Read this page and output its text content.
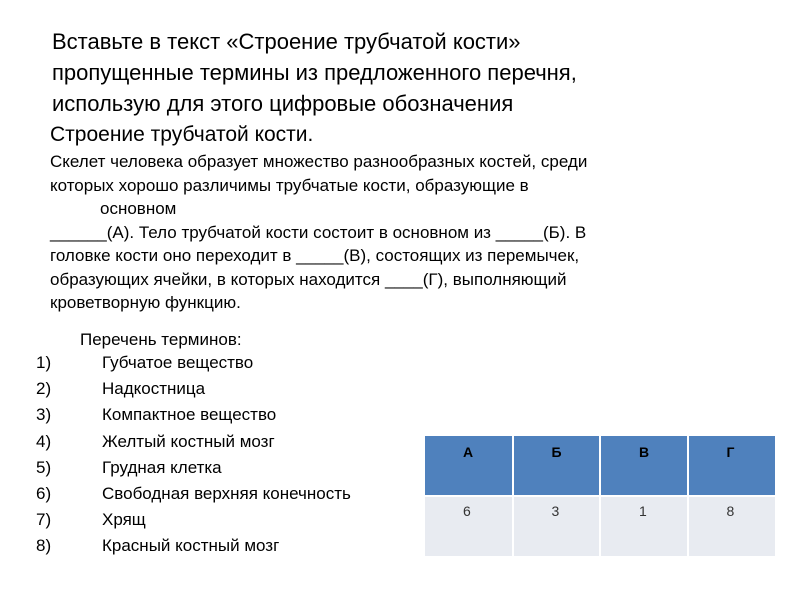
Вставьте в текст «Строение трубчатой кости»
пропущенные термины из предложенного перечня,
использую для этого цифровые обозначения
Строение трубчатой кости.
Скелет человека образует множество разнообразных костей, среди
которых хорошо различимы трубчатые кости, образующие в
основном
______(А). Тело трубчатой кости состоит в основном из _____(Б). В
головке кости оно переходит в _____(В), состоящих из перемычек,
образующих ячейки, в которых находится ____(Г), выполняющий
кроветворную функцию.
Перечень терминов:
1)	Губчатое вещество
2)	Надкостница
3)	Компактное вещество
4)	Желтый костный мозг
5)	Грудная клетка
6)	Свободная верхняя конечность
7)	Хрящ
8)	Красный костный мозг
А	Б	В	Г
6	3	1	8
